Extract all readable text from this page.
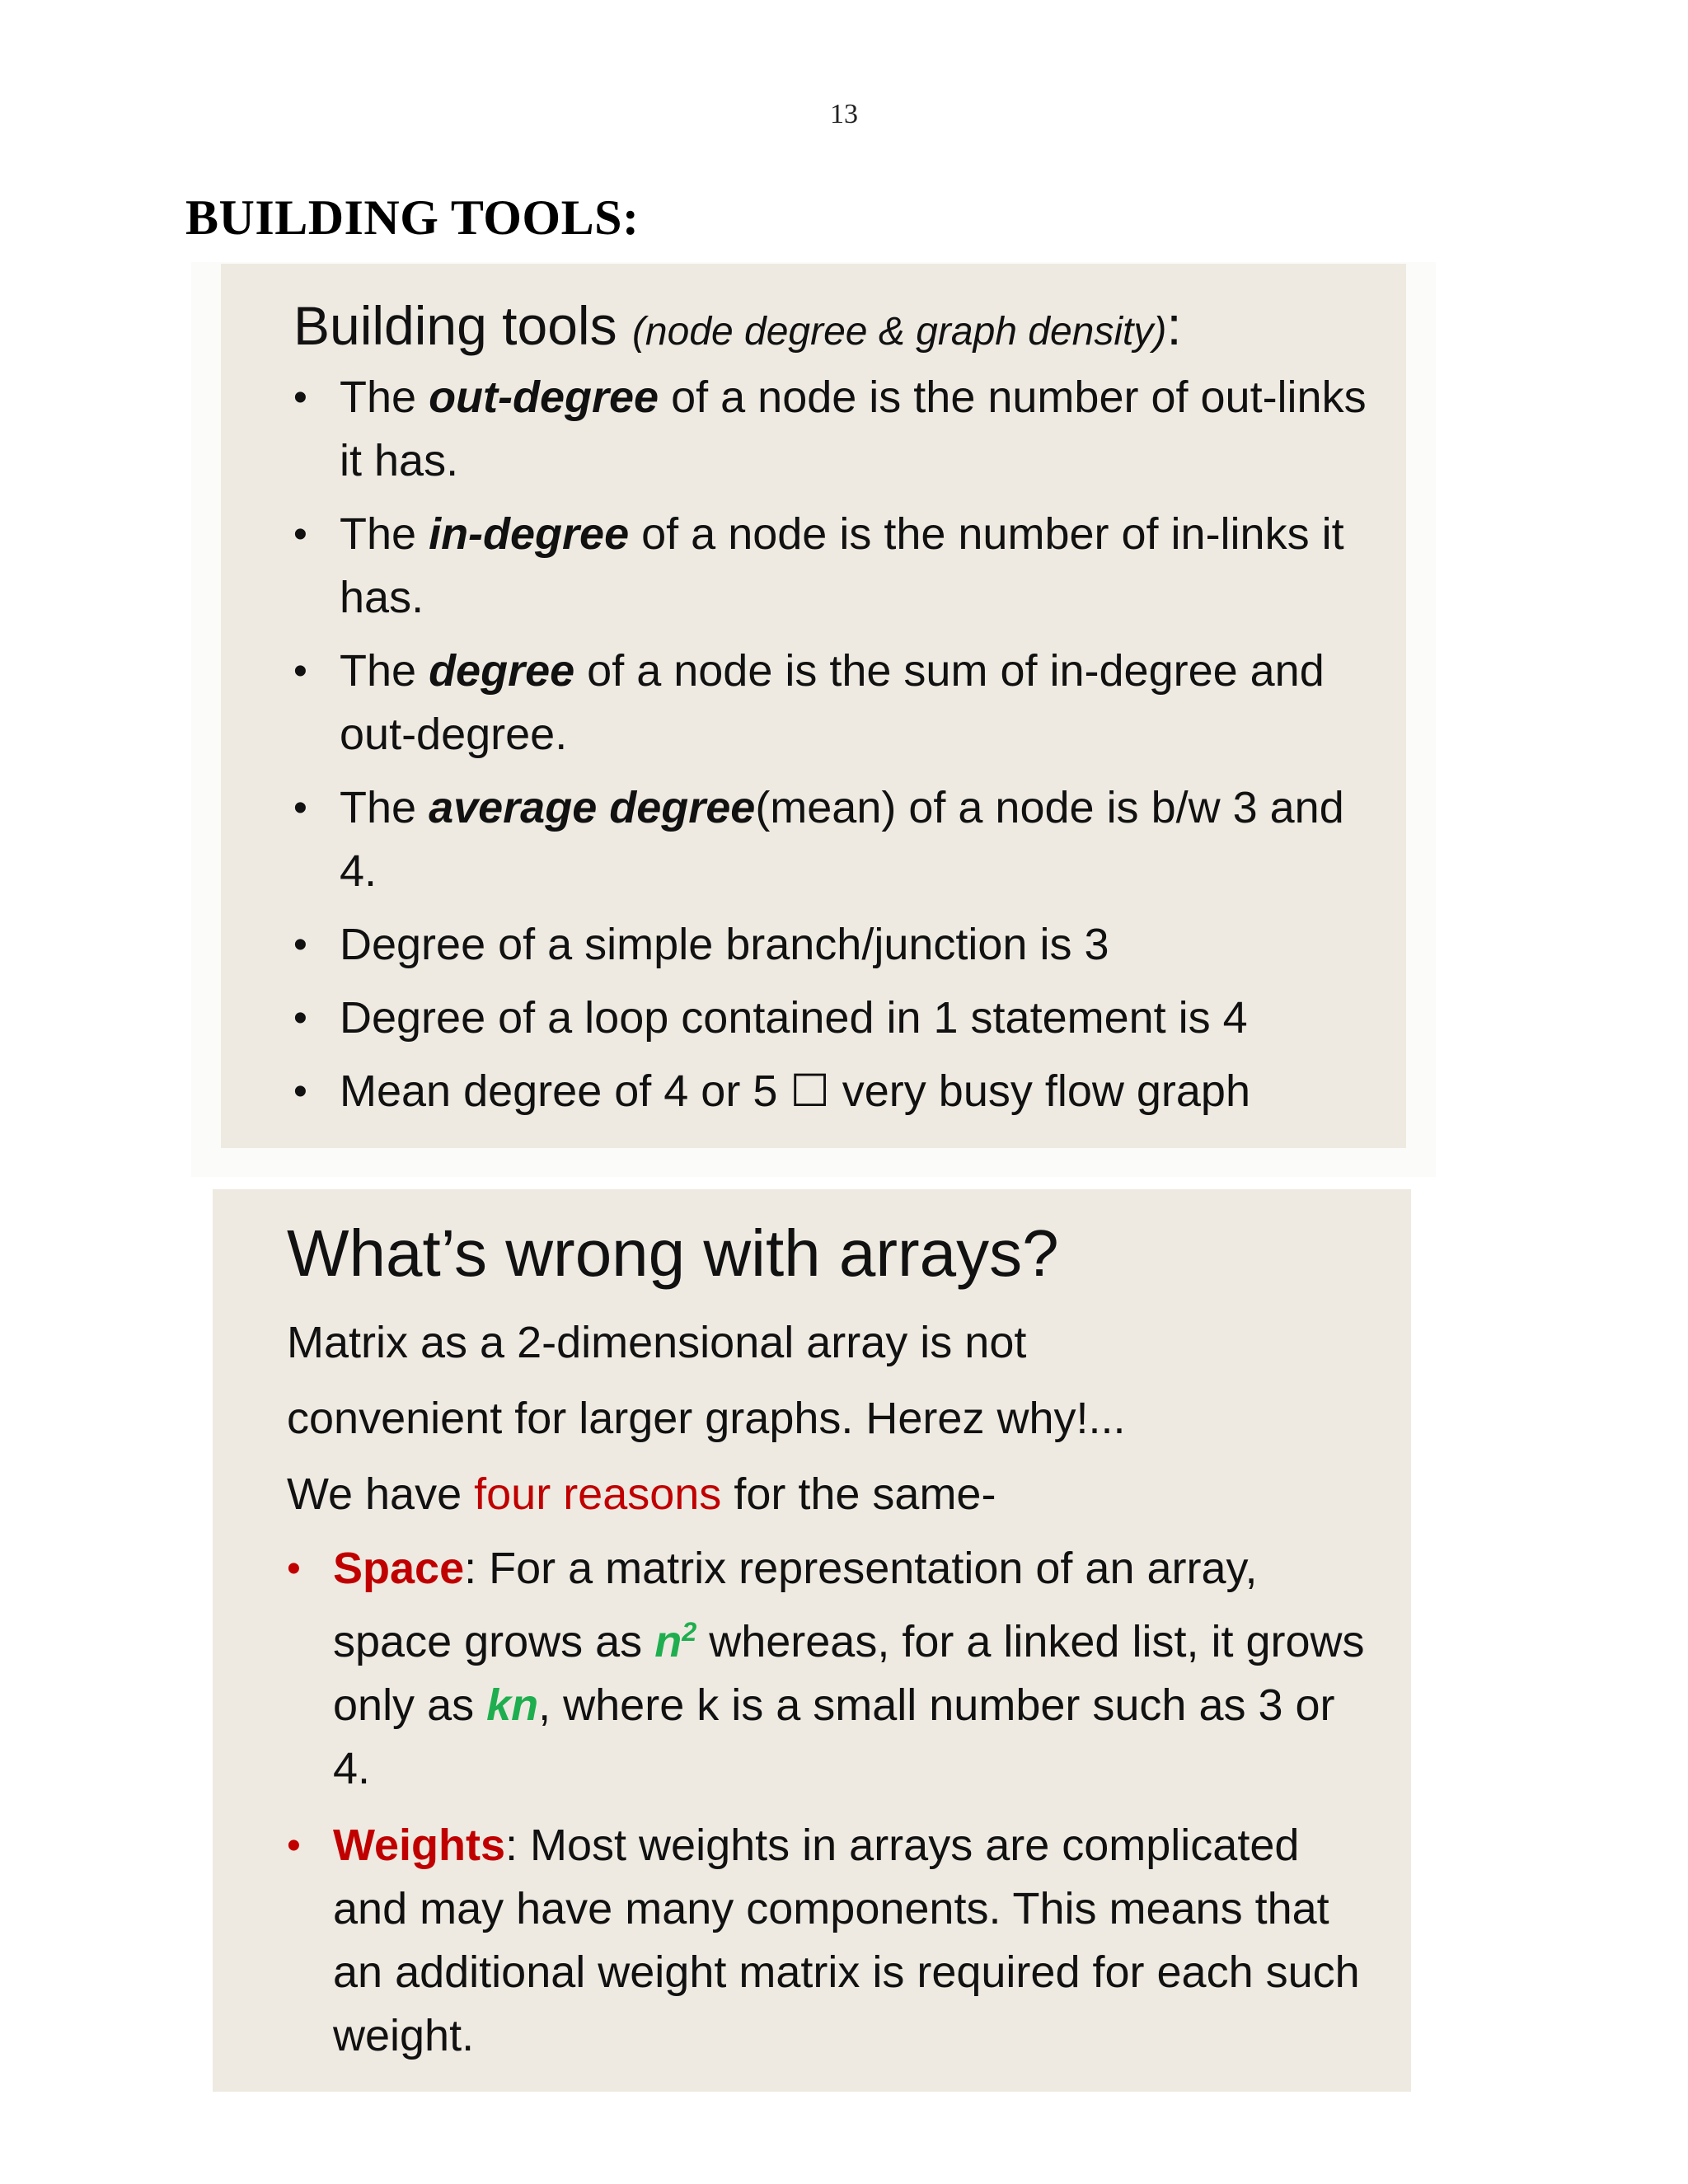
13
BUILDING TOOLS:
Building tools (node degree & graph density):
• The out-degree of a node is the number of out-links it has.
• The in-degree of a node is the number of in-links it has.
• The degree of a node is the sum of in-degree and out-degree.
• The average degree(mean) of a node is b/w 3 and 4.
• Degree of a simple branch/junction is 3
• Degree of a loop contained in 1 statement is 4
• Mean degree of 4 or 5 ☐ very busy flow graph
What’s wrong with arrays?

Matrix as a 2-dimensional array is not

convenient for larger graphs. Herez why!...

We have four reasons for the same-

• Space: For a matrix representation of an array, space grows as $n^2$ whereas, for a linked list, it grows only as kn, where k is a small number such as 3 or 4.
• Weights: Most weights in arrays are complicated and may have many components. This means that an additional weight matrix is required for each such weight.
